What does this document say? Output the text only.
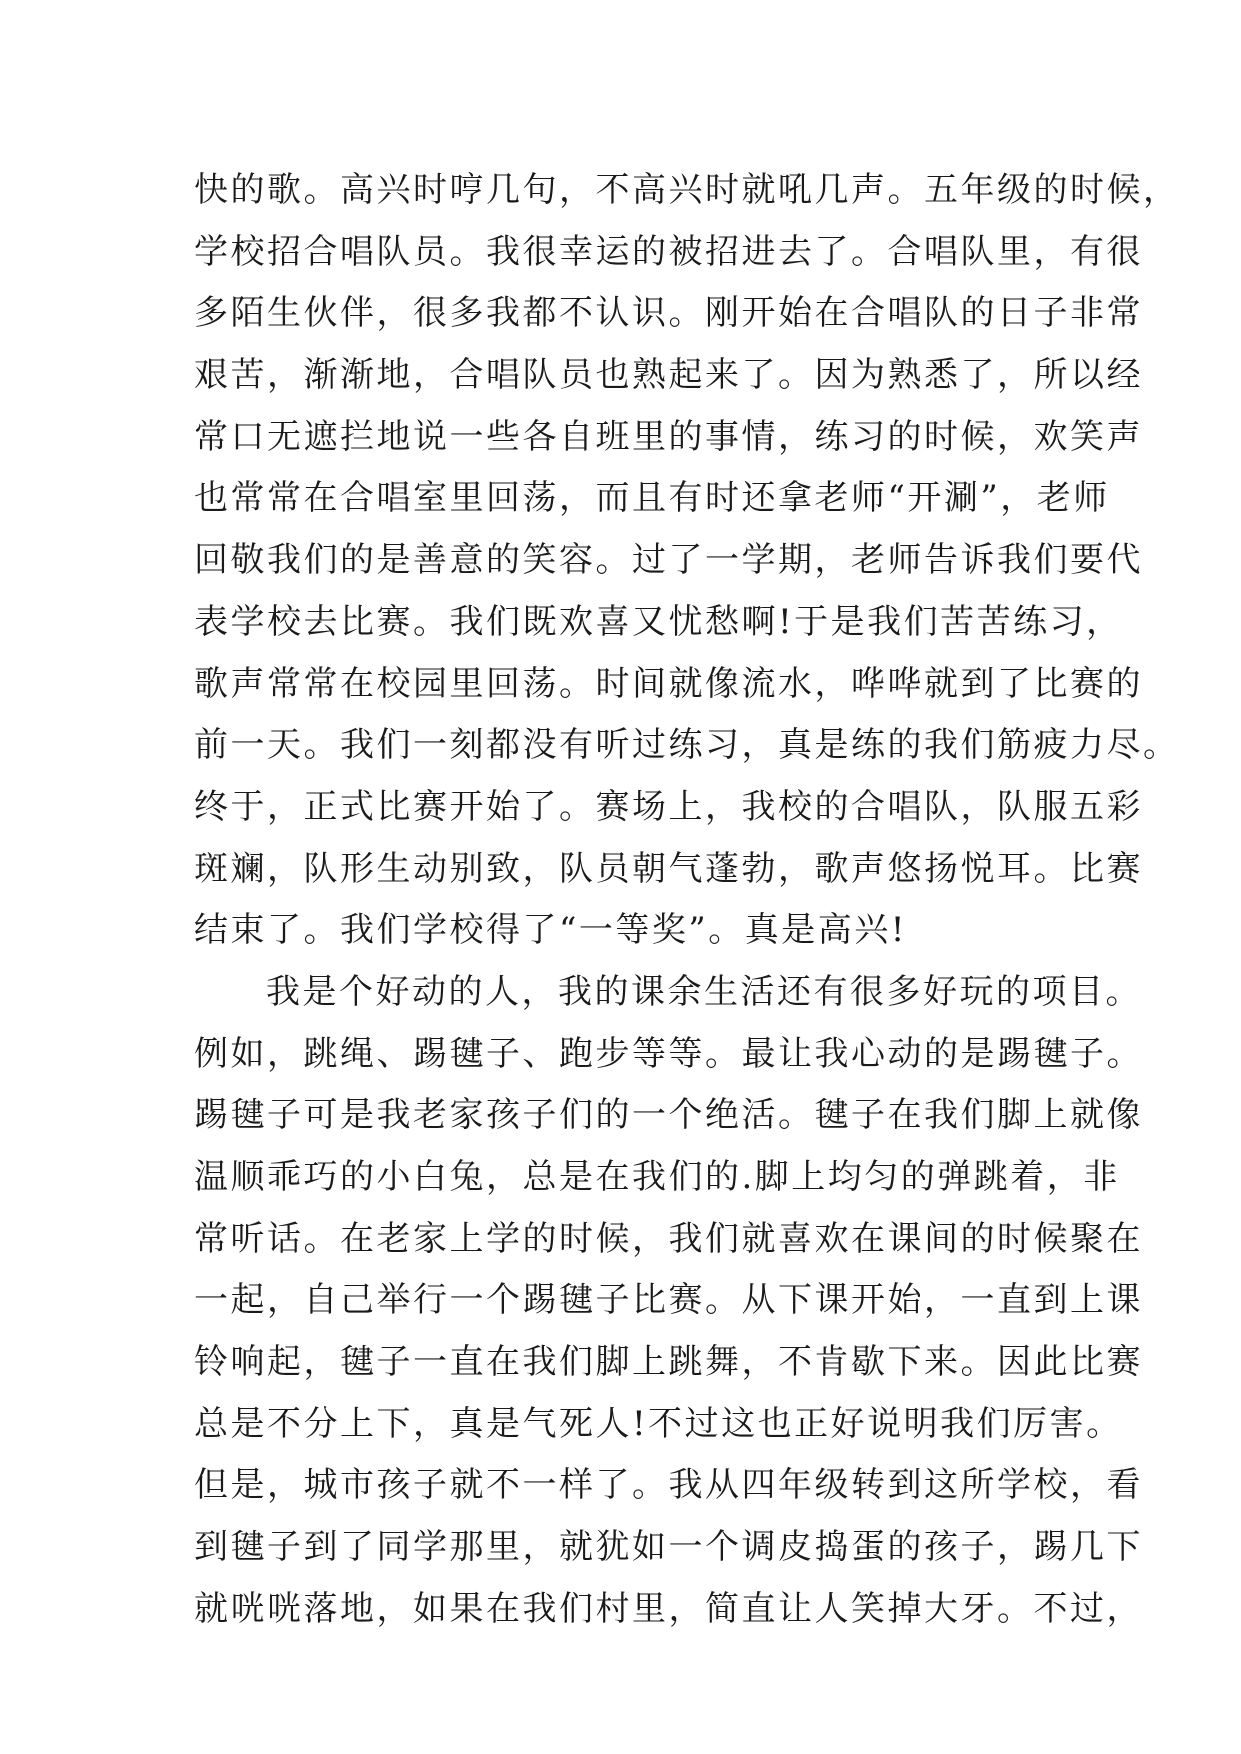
快的歌。高兴时哼几句，不高兴时就吼几声。五年级的时候，
学校招合唱队员。我很幸运的被招进去了。合唱队里，有很
多陌生伙伴，很多我都不认识。刚开始在合唱队的日子非常
艰苦，渐渐地，合唱队员也熟起来了。因为熟悉了，所以经
常口无遮拦地说一些各自班里的事情，练习的时候，欢笑声
也常常在合唱室里回荡，而且有时还拿老师“开涮”，老师
回敬我们的是善意的笑容。过了一学期，老师告诉我们要代
表学校去比赛。我们既欢喜又忧愁啊!于是我们苦苦练习，
歌声常常在校园里回荡。时间就像流水，哗哗就到了比赛的
前一天。我们一刻都没有听过练习，真是练的我们筋疲力尽。
终于，正式比赛开始了。赛场上，我校的合唱队，队服五彩
斑斓，队形生动别致，队员朝气蓬勃，歌声悠扬悦耳。比赛
结束了。我们学校得了“一等奖”。真是高兴!
我是个好动的人，我的课余生活还有很多好玩的项目。
例如，跳绳、踢毽子、跑步等等。最让我心动的是踢毽子。
踢毽子可是我老家孩子们的一个绝活。毽子在我们脚上就像
温顺乖巧的小白兔，总是在我们的.脚上均匀的弹跳着，非
常听话。在老家上学的时候，我们就喜欢在课间的时候聚在
一起，自己举行一个踢毽子比赛。从下课开始，一直到上课
铃响起，毽子一直在我们脚上跳舞，不肯歇下来。因此比赛
总是不分上下，真是气死人!不过这也正好说明我们厉害。
但是，城市孩子就不一样了。我从四年级转到这所学校，看
到毽子到了同学那里，就犹如一个调皮捣蛋的孩子，踢几下
就咣咣落地，如果在我们村里，简直让人笑掉大牙。不过，
